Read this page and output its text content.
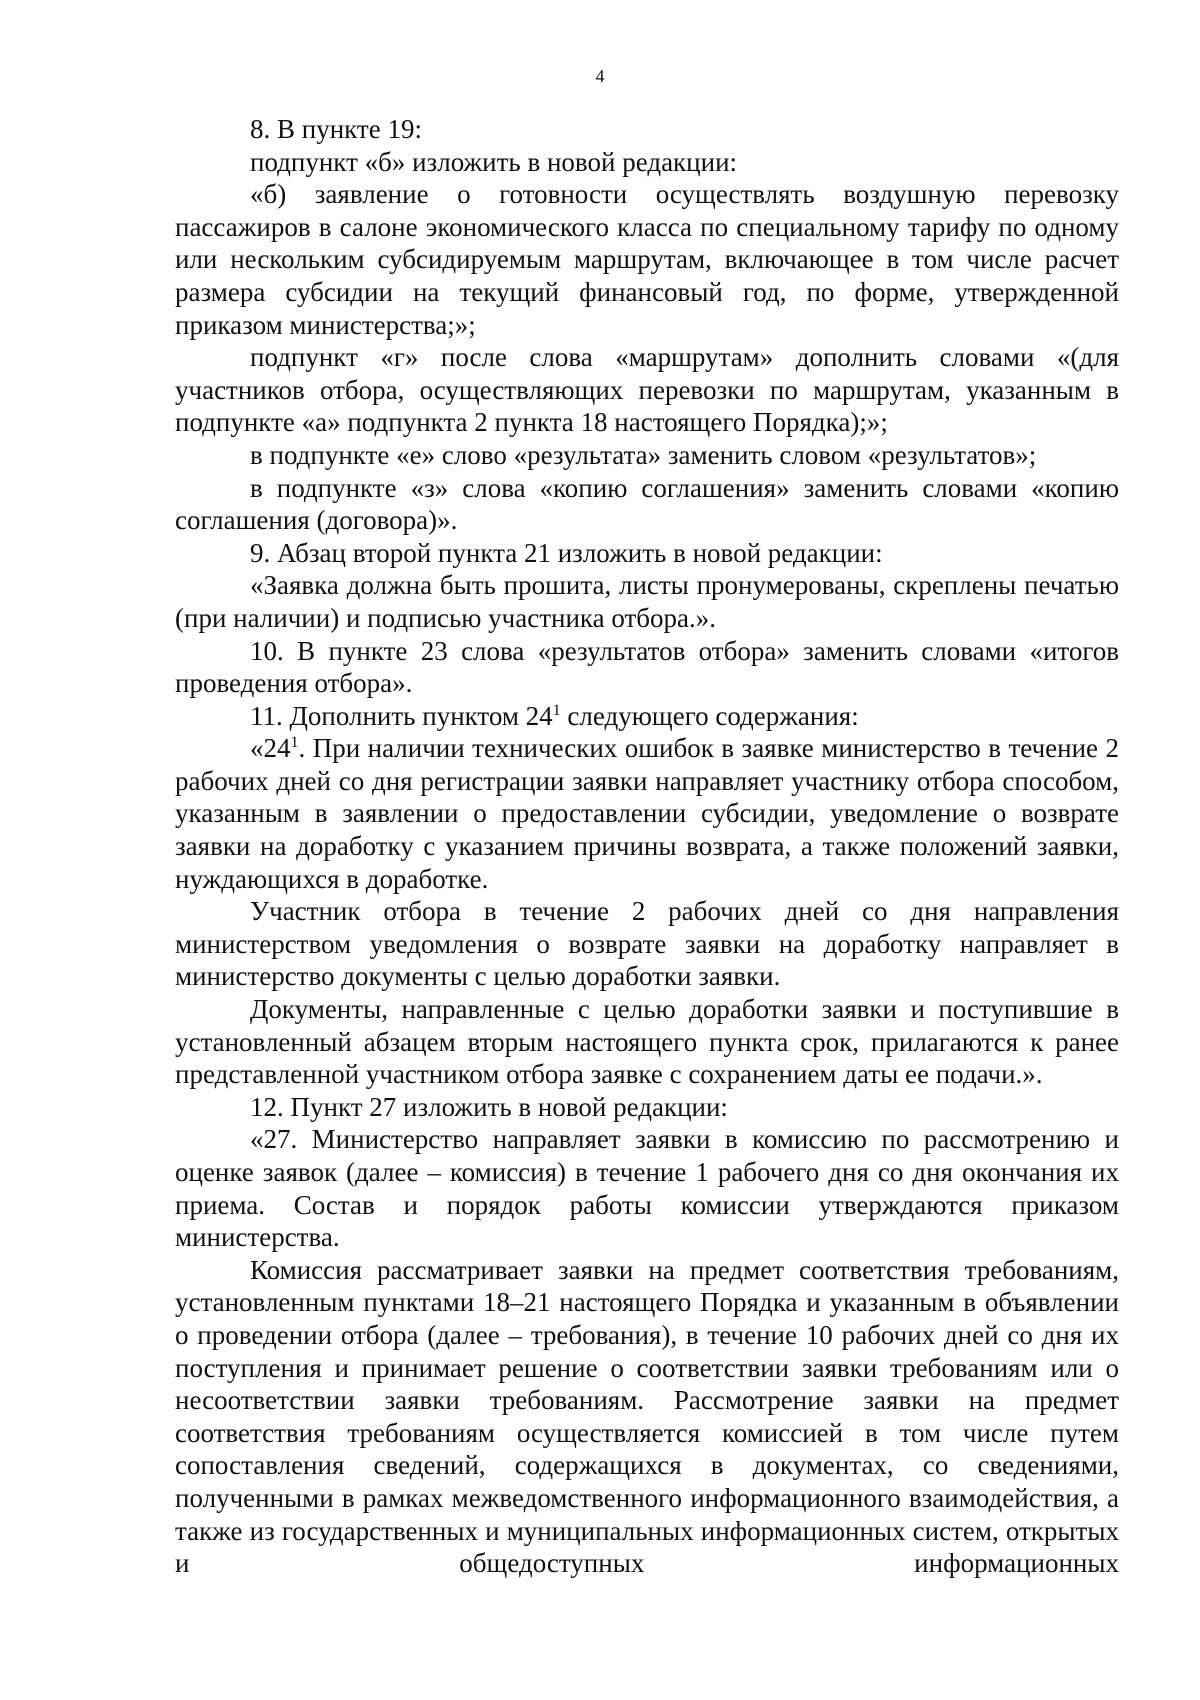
4

8. В пункте 19:

подпункт «б» изложить в новой редакции:

«б) заявление о готовности осуществлять воздушную перевозку пассажиров в салоне экономического класса по специальному тарифу по одному или нескольким субсидируемым маршрутам, включающее в том числе расчет размера субсидии на текущий финансовый год, по форме, утвержденной приказом министерства;»;

подпункт «г» после слова «маршрутам» дополнить словами «(для участников отбора, осуществляющих перевозки по маршрутам, указанным в подпункте «а» подпункта 2 пункта 18 настоящего Порядка);»;

в подпункте «е» слово «результата» заменить словом «результатов»;

в подпункте «з» слова «копию соглашения» заменить словами «копию соглашения (договора)».

9. Абзац второй пункта 21 изложить в новой редакции:

«Заявка должна быть прошита, листы пронумерованы, скреплены печатью (при наличии) и подписью участника отбора.».

10. В пункте 23 слова «результатов отбора» заменить словами «итогов проведения отбора».

11. Дополнить пунктом $24^1$ следующего содержания:

«$24^1$. При наличии технических ошибок в заявке министерство в течение 2 рабочих дней со дня регистрации заявки направляет участнику отбора способом, указанным в заявлении о предоставлении субсидии, уведомление о возврате заявки на доработку с указанием причины возврата, а также положений заявки, нуждающихся в доработке.

Участник отбора в течение 2 рабочих дней со дня направления министерством уведомления о возврате заявки на доработку направляет в министерство документы с целью доработки заявки.

Документы, направленные с целью доработки заявки и поступившие в установленный абзацем вторым настоящего пункта срок, прилагаются к ранее представленной участником отбора заявке с сохранением даты ее подачи.».

12. Пункт 27 изложить в новой редакции:

«27. Министерство направляет заявки в комиссию по рассмотрению и оценке заявок (далее – комиссия) в течение 1 рабочего дня со дня окончания их приема. Состав и порядок работы комиссии утверждаются приказом министерства.

Комиссия рассматривает заявки на предмет соответствия требованиям, установленным пунктами 18–21 настоящего Порядка и указанным в объявлении о проведении отбора (далее – требования), в течение 10 рабочих дней со дня их поступления и принимает решение о соответствии заявки требованиям или о несоответствии заявки требованиям. Рассмотрение заявки на предмет соответствия требованиям осуществляется комиссией в том числе путем сопоставления сведений, содержащихся в документах, со сведениями, полученными в рамках межведомственного информационного взаимодействия, а также из государственных и муниципальных информационных систем, открытых и общедоступных информационных
